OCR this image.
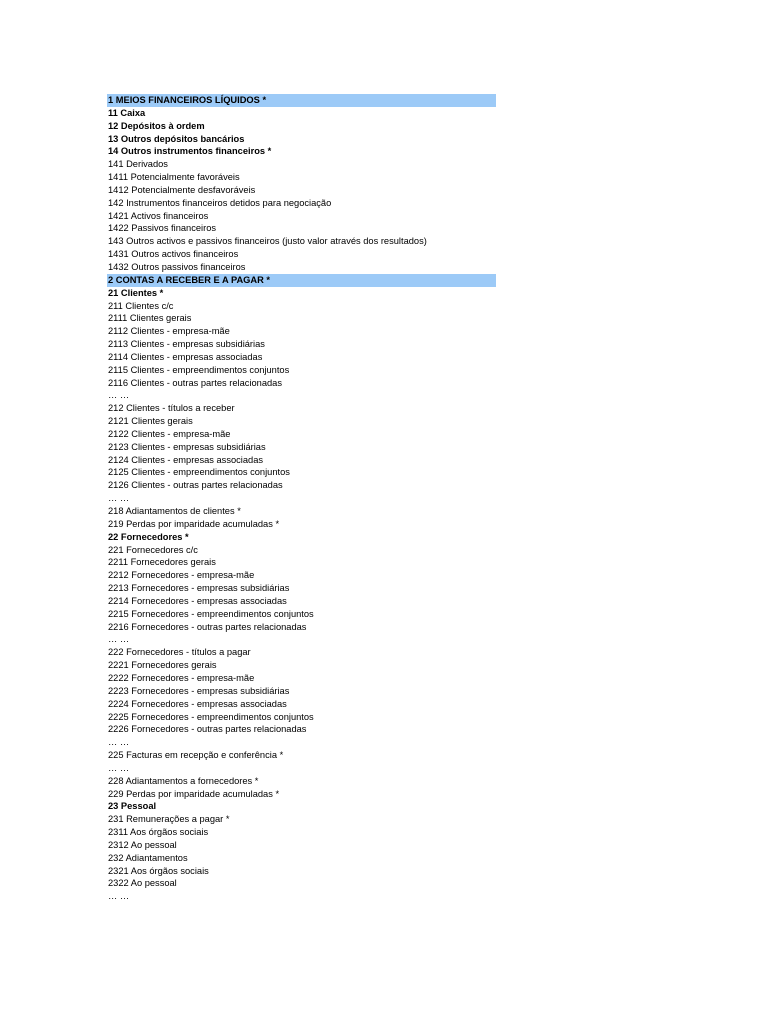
1 MEIOS FINANCEIROS LÍQUIDOS *
11 Caixa
12 Depósitos à ordem
13 Outros depósitos bancários
14 Outros instrumentos financeiros *
141 Derivados
1411 Potencialmente favoráveis
1412 Potencialmente desfavoráveis
142 Instrumentos financeiros detidos para negociação
1421 Activos financeiros
1422 Passivos financeiros
143 Outros activos e passivos financeiros (justo valor através dos resultados)
1431 Outros activos financeiros
1432 Outros passivos financeiros
2 CONTAS A RECEBER E A PAGAR *
21 Clientes *
211 Clientes c/c
2111 Clientes gerais
2112 Clientes - empresa-mãe
2113 Clientes - empresas subsidiárias
2114 Clientes - empresas associadas
2115 Clientes - empreendimentos conjuntos
2116 Clientes - outras partes relacionadas
… …
212 Clientes - títulos a receber
2121 Clientes gerais
2122 Clientes - empresa-mãe
2123 Clientes - empresas subsidiárias
2124 Clientes - empresas associadas
2125 Clientes - empreendimentos conjuntos
2126 Clientes - outras partes relacionadas
… …
218 Adiantamentos de clientes *
219 Perdas por imparidade acumuladas *
22 Fornecedores *
221 Fornecedores c/c
2211 Fornecedores gerais
2212 Fornecedores - empresa-mãe
2213 Fornecedores - empresas subsidiárias
2214 Fornecedores - empresas associadas
2215 Fornecedores - empreendimentos conjuntos
2216 Fornecedores - outras partes relacionadas
… …
222 Fornecedores - títulos a pagar
2221 Fornecedores gerais
2222 Fornecedores - empresa-mãe
2223 Fornecedores - empresas subsidiárias
2224 Fornecedores - empresas associadas
2225 Fornecedores - empreendimentos conjuntos
2226 Fornecedores - outras partes relacionadas
… …
225 Facturas em recepção e conferência *
… …
228 Adiantamentos a fornecedores *
229 Perdas por imparidade acumuladas *
23 Pessoal
231 Remunerações a pagar *
2311 Aos órgãos sociais
2312 Ao pessoal
232 Adiantamentos
2321 Aos órgãos sociais
2322 Ao pessoal
… …
